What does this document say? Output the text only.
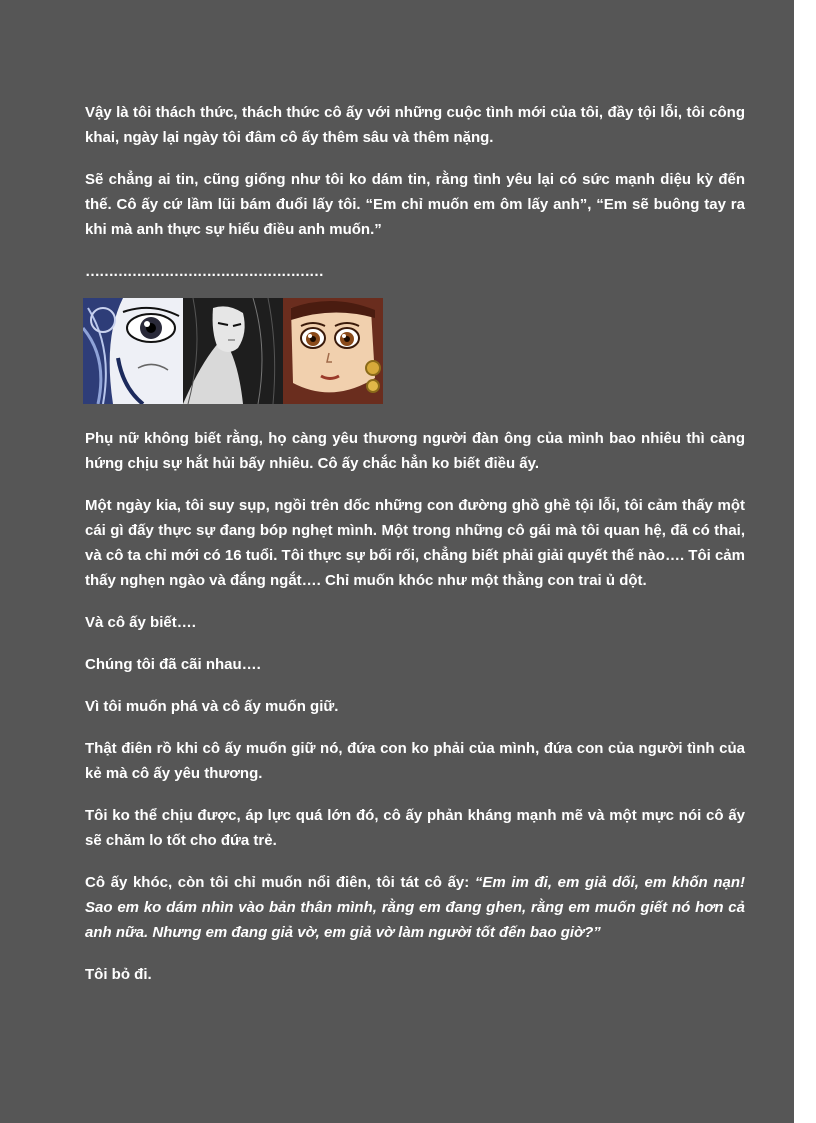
Vậy là tôi thách thức, thách thức cô ấy với những cuộc tình mới của tôi, đầy tội lỗi, tôi công khai, ngày lại ngày tôi đâm cô ấy thêm sâu và thêm nặng.

Sẽ chẳng ai tin, cũng giống như tôi ko dám tin, rằng tình yêu lại có sức mạnh diệu kỳ đến thế. Cô ấy cứ lầm lũi bám đuổi lấy tôi. “Em chỉ muốn em ôm lấy anh”, “Em sẽ buông tay ra khi mà anh thực sự hiểu điều anh muốn.”

……………………………………………

Phụ nữ không biết rằng, họ càng yêu thương người đàn ông của mình bao nhiêu thì càng hứng chịu sự hắt hủi bấy nhiêu. Cô ấy chắc hẳn ko biết điều ấy.

Một ngày kia, tôi suy sụp, ngồi trên dốc những con đường ghồ ghề tội lỗi, tôi cảm thấy một cái gì đấy thực sự đang bóp nghẹt mình. Một trong những cô gái mà tôi quan hệ, đã có thai, và cô ta chỉ mới có 16 tuổi. Tôi thực sự bối rối, chẳng biết phải giải quyết thế nào…. Tôi cảm thấy nghẹn ngào và đắng ngắt…. Chỉ muốn khóc như một thằng con trai ủ dột.

Và cô ấy biết….

Chúng tôi đã cãi nhau….

Vì tôi muốn phá và cô ấy muốn giữ.

Thật điên rồ khi cô ấy muốn giữ nó, đứa con ko phải của mình, đứa con của người tình của kẻ mà cô ấy yêu thương.

Tôi ko thể chịu được, áp lực quá lớn đó, cô ấy phản kháng mạnh mẽ và một mực nói cô ấy sẽ chăm lo tốt cho đứa trẻ.

Cô ấy khóc, còn tôi chỉ muốn nổi điên, tôi tát cô ấy: “Em im đi, em giả dối, em khốn nạn! Sao em ko dám nhìn vào bản thân mình, rằng em đang ghen, rằng em muốn giết nó hơn cả anh nữa. Nhưng em đang giả vờ, em giả vờ làm người tốt đến bao giờ?”

Tôi bỏ đi.
